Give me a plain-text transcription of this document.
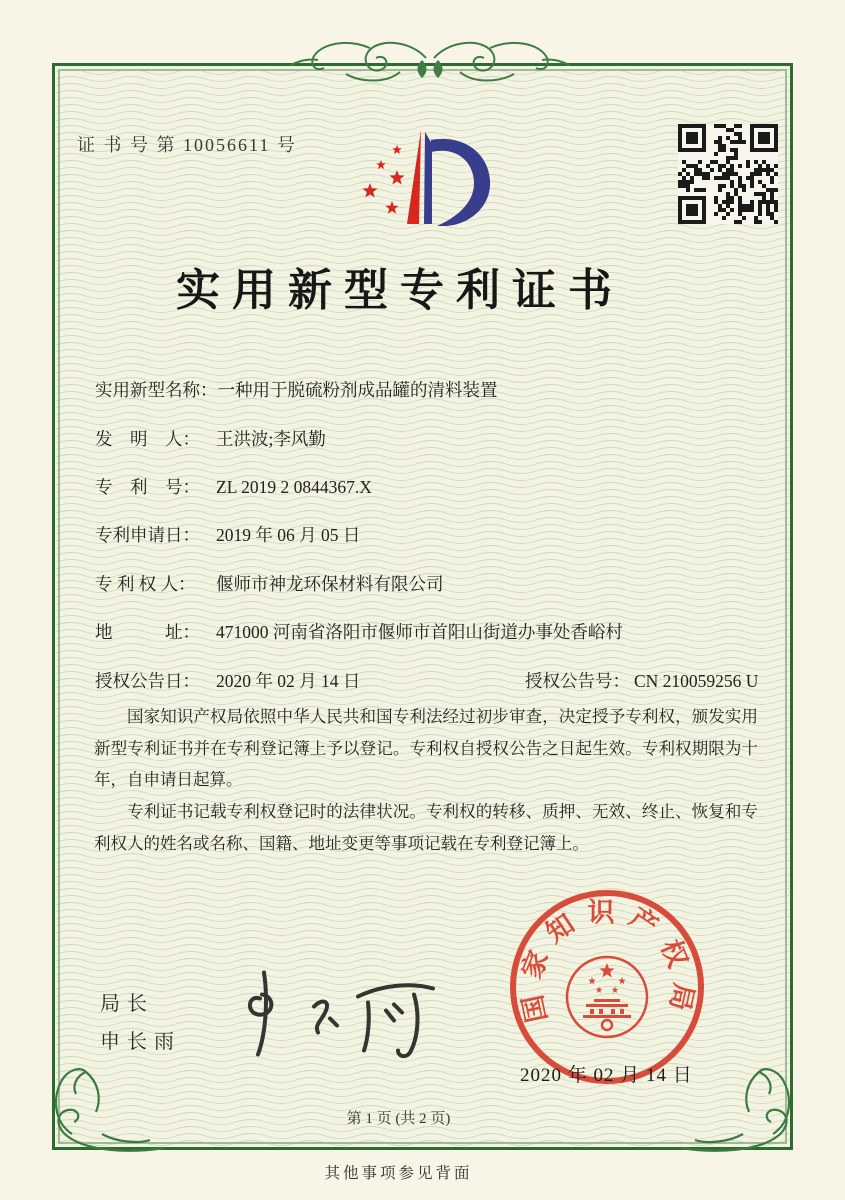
证 书 号 第 10056611 号
实用新型专利证书
实用新型名称：一种用于脱硫粉剂成品罐的清料装置
发　明　人： 王洪波;李风勤
专　利　号： ZL 2019 2 0844367.X
专利申请日： 2019 年 06 月 05 日
专 利 权 人： 偃师市神龙环保材料有限公司
地　　　址： 471000 河南省洛阳市偃师市首阳山街道办事处香峪村
授权公告日： 2020 年 02 月 14 日	授权公告号： CN 210059256 U

国家知识产权局依照中华人民共和国专利法经过初步审查，决定授予专利权，颁发实用新型专利证书并在专利登记簿上予以登记。专利权自授权公告之日起生效。专利权期限为十年，自申请日起算。

专利证书记载专利权登记时的法律状况。专利权的转移、质押、无效、终止、恢复和专利权人的姓名或名称、国籍、地址变更等事项记载在专利登记簿上。

局长
申长雨
国家知识产权局
2020 年 02 月 14 日
第 1 页 (共 2 页)
其他事项参见背面
